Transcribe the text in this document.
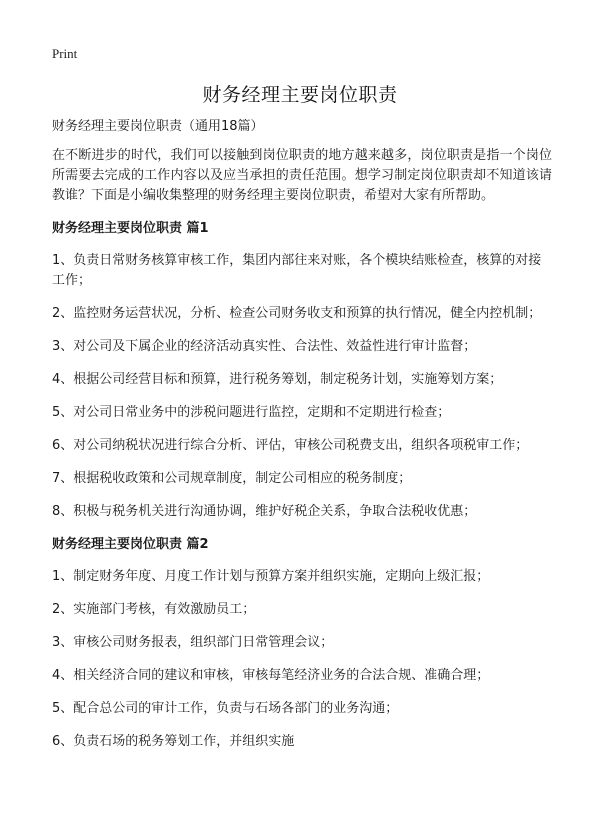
Print
财务经理主要岗位职责

财务经理主要岗位职责（通用18篇）

在不断进步的时代，我们可以接触到岗位职责的地方越来越多，岗位职责是指一个岗位所需要去完成的工作内容以及应当承担的责任范围。想学习制定岗位职责却不知道该请教谁？下面是小编收集整理的财务经理主要岗位职责，希望对大家有所帮助。

财务经理主要岗位职责 篇1

1、负责日常财务核算审核工作，集团内部往来对账，各个模块结账检查，核算的对接工作；

2、监控财务运营状况，分析、检查公司财务收支和预算的执行情况，健全内控机制；

3、对公司及下属企业的经济活动真实性、合法性、效益性进行审计监督；

4、根据公司经营目标和预算，进行税务筹划，制定税务计划，实施筹划方案；

5、对公司日常业务中的涉税问题进行监控，定期和不定期进行检查；

6、对公司纳税状况进行综合分析、评估，审核公司税费支出，组织各项税审工作；

7、根据税收政策和公司规章制度，制定公司相应的税务制度；

8、积极与税务机关进行沟通协调，维护好税企关系，争取合法税收优惠；

财务经理主要岗位职责 篇2

1、制定财务年度、月度工作计划与预算方案并组织实施，定期向上级汇报；

2、实施部门考核，有效激励员工；

3、审核公司财务报表，组织部门日常管理会议；

4、相关经济合同的建议和审核，审核每笔经济业务的合法合规、准确合理；

5、配合总公司的审计工作，负责与石场各部门的业务沟通；

6、负责石场的税务筹划工作，并组织实施
